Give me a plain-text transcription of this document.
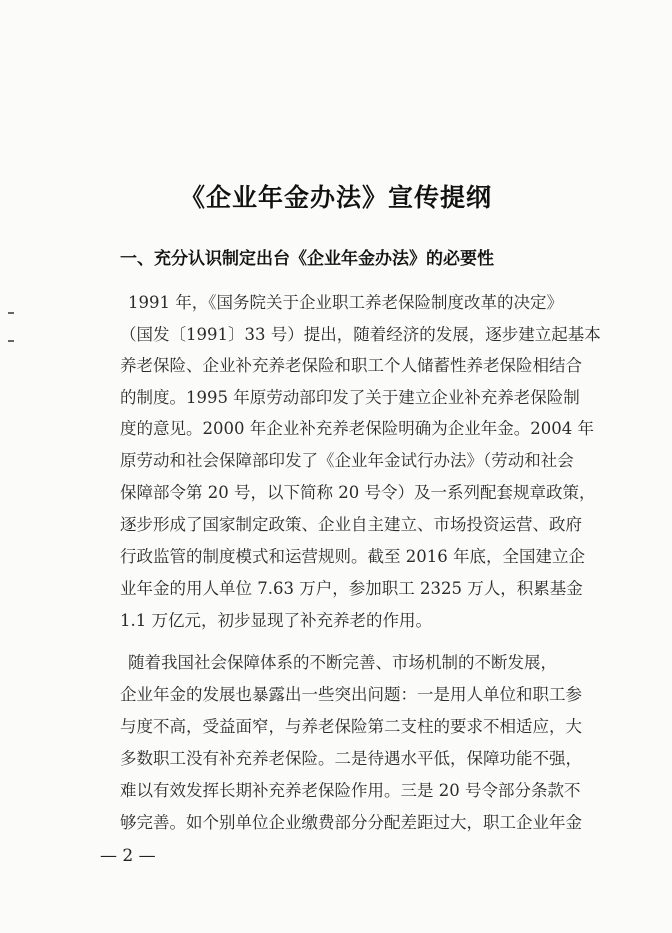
《企业年金办法》宣传提纲
一、充分认识制定出台《企业年金办法》的必要性
1991 年，《国务院关于企业职工养老保险制度改革的决定》
（国发〔1991〕33 号）提出，随着经济的发展，逐步建立起基本
养老保险、企业补充养老保险和职工个人储蓄性养老保险相结合
的制度。1995 年原劳动部印发了关于建立企业补充养老保险制
度的意见。2000 年企业补充养老保险明确为企业年金。2004 年
原劳动和社会保障部印发了《企业年金试行办法》（劳动和社会
保障部令第 20 号，以下简称 20 号令）及一系列配套规章政策，
逐步形成了国家制定政策、企业自主建立、市场投资运营、政府
行政监管的制度模式和运营规则。截至 2016 年底，全国建立企
业年金的用人单位 7.63 万户，参加职工 2325 万人，积累基金
1.1 万亿元，初步显现了补充养老的作用。
随着我国社会保障体系的不断完善、市场机制的不断发展，
企业年金的发展也暴露出一些突出问题：一是用人单位和职工参
与度不高，受益面窄，与养老保险第二支柱的要求不相适应，大
多数职工没有补充养老保险。二是待遇水平低，保障功能不强，
难以有效发挥长期补充养老保险作用。三是 20 号令部分条款不
够完善。如个别单位企业缴费部分分配差距过大，职工企业年金
— 2 —
